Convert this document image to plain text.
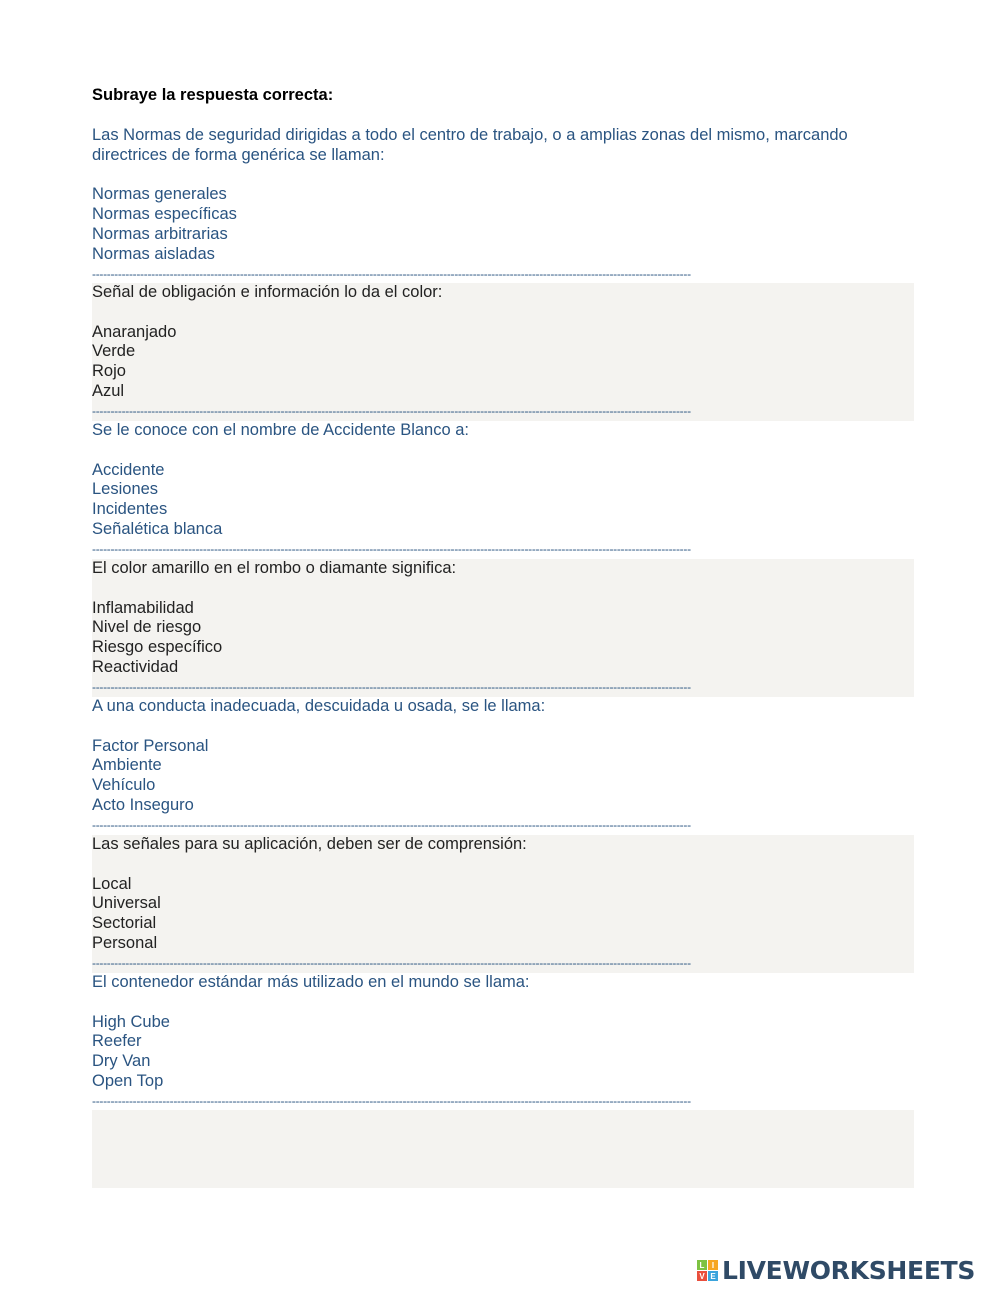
Subraye la respuesta correcta:

Las Normas de seguridad dirigidas a todo el centro de trabajo, o a amplias zonas del mismo, marcando directrices de forma genérica se llaman:

Normas generales
Normas específicas
Normas arbitrarias
Normas aisladas
------------------------------------------------------------------------------------------------------------------------------------------------------------------

Señal de obligación e información lo da el color:

Anaranjado
Verde
Rojo
Azul
------------------------------------------------------------------------------------------------------------------------------------------------------------------

Se le conoce con el nombre de Accidente Blanco a:

Accidente
Lesiones
Incidentes
Señalética blanca
------------------------------------------------------------------------------------------------------------------------------------------------------------------

El color amarillo en el rombo o diamante significa:

Inflamabilidad
Nivel de riesgo
Riesgo específico
Reactividad
------------------------------------------------------------------------------------------------------------------------------------------------------------------

A una conducta inadecuada, descuidada u osada, se le llama:

Factor Personal
Ambiente
Vehículo
Acto Inseguro
------------------------------------------------------------------------------------------------------------------------------------------------------------------

Las señales para su aplicación, deben ser de comprensión:

Local
Universal
Sectorial
Personal
------------------------------------------------------------------------------------------------------------------------------------------------------------------

El contenedor estándar más utilizado en el mundo se llama:

High Cube
Reefer
Dry Van
Open Top
------------------------------------------------------------------------------------------------------------------------------------------------------------------
L I
V E LIVEWORKSHEETS
